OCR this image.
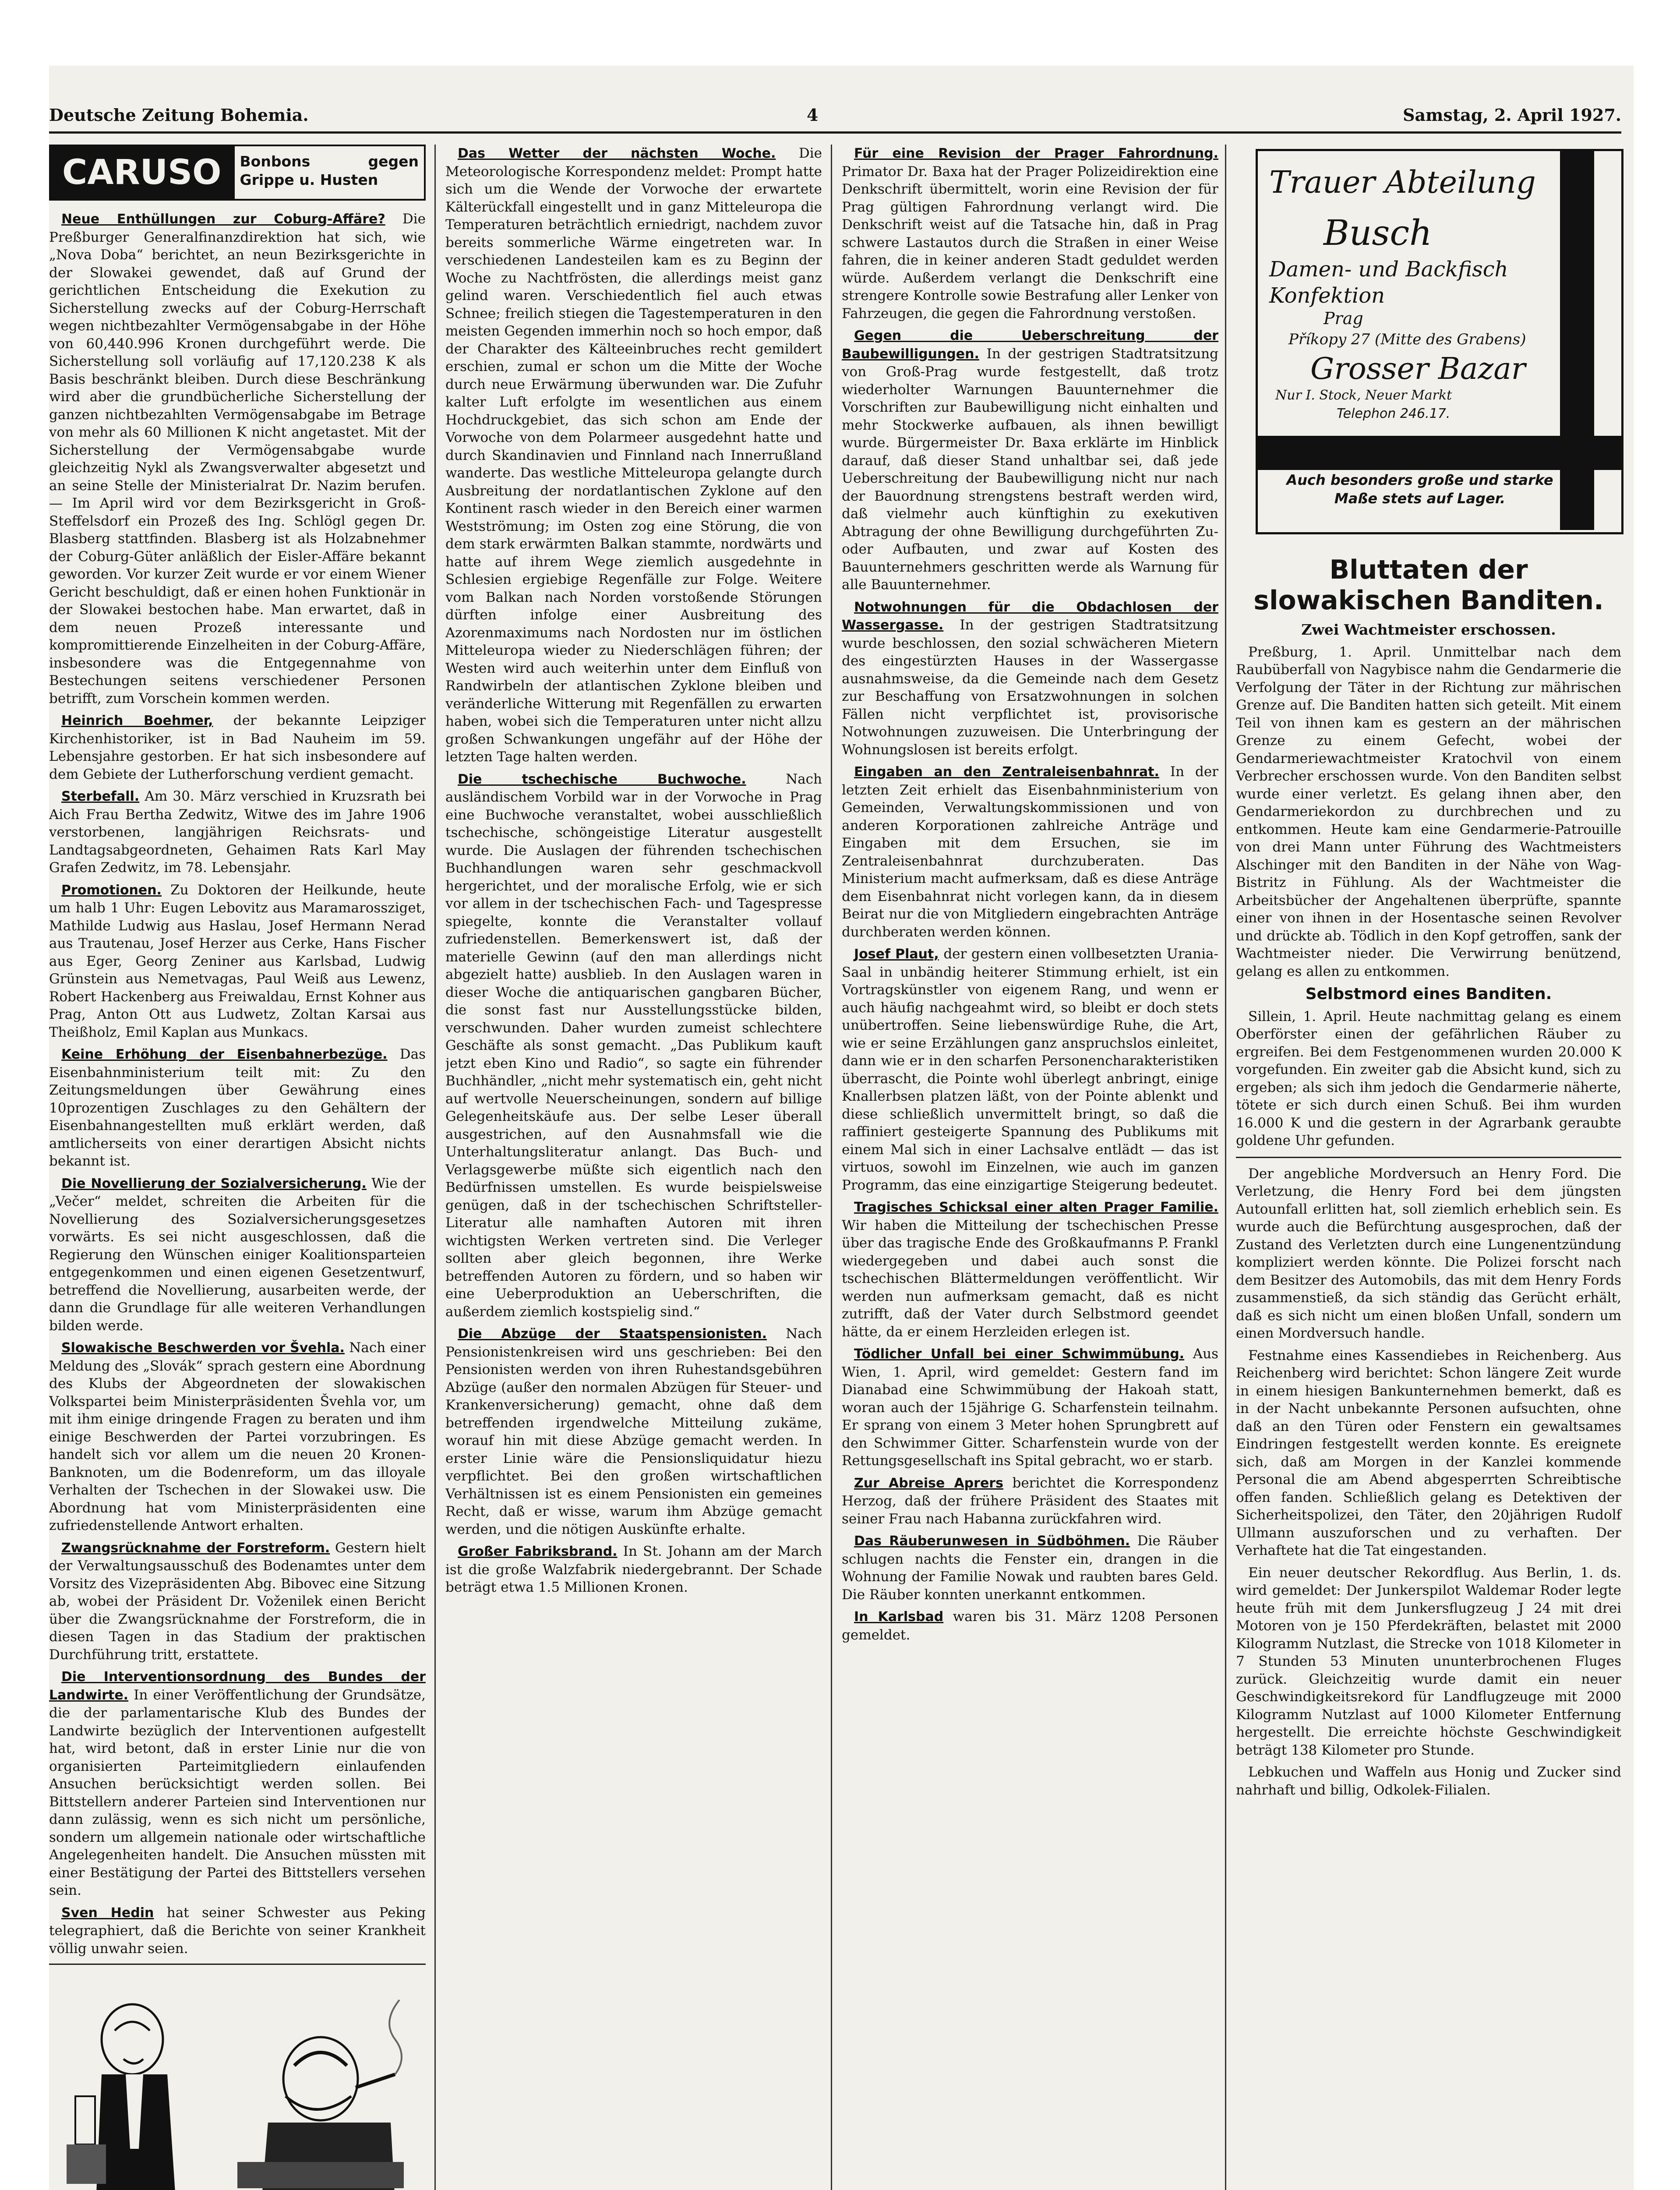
Deutsche Zeitung Bohemia.	4	Samstag, 2. April 1927.
CARUSO	Bonbons gegen Grippe u. Husten

Neue Enthüllungen zur Coburg-Affäre? Die Preßburger Generalfinanzdirektion hat sich, wie „Nova Doba“ berichtet, an neun Bezirksgerichte in der Slowakei gewendet, daß auf Grund der gerichtlichen Entscheidung die Exekution zu Sicherstellung zwecks auf der Coburg-Herrschaft wegen nichtbezahlter Vermögensabgabe in der Höhe von 60,440.996 Kronen durchgeführt werde. Die Sicherstellung soll vorläufig auf 17,120.238 K als Basis beschränkt bleiben. Durch diese Beschränkung wird aber die grundbücherliche Sicherstellung der ganzen nichtbezahlten Vermögensabgabe im Betrage von mehr als 60 Millionen K nicht angetastet. Mit der Sicherstellung der Vermögensabgabe wurde gleichzeitig Nykl als Zwangsverwalter abgesetzt und an seine Stelle der Ministerialrat Dr. Nazim berufen. — Im April wird vor dem Bezirksgericht in Groß-Steffelsdorf ein Prozeß des Ing. Schlögl gegen Dr. Blasberg stattfinden. Blasberg ist als Holzabnehmer der Coburg-Güter anläßlich der Eisler-Affäre bekannt geworden. Vor kurzer Zeit wurde er vor einem Wiener Gericht beschuldigt, daß er einen hohen Funktionär in der Slowakei bestochen habe. Man erwartet, daß in dem neuen Prozeß interessante und kompromittierende Einzelheiten in der Coburg-Affäre, insbesondere was die Entgegennahme von Bestechungen seitens verschiedener Personen betrifft, zum Vorschein kommen werden.

Heinrich Boehmer, der bekannte Leipziger Kirchenhistoriker, ist in Bad Nauheim im 59. Lebensjahre gestorben. Er hat sich insbesondere auf dem Gebiete der Lutherforschung verdient gemacht.

Sterbefall. Am 30. März verschied in Kruzsrath bei Aich Frau Bertha Zedwitz, Witwe des im Jahre 1906 verstorbenen, langjährigen Reichsrats- und Landtagsabgeordneten, Gehaimen Rats Karl May Grafen Zedwitz, im 78. Lebensjahr.

Promotionen. Zu Doktoren der Heilkunde, heute um halb 1 Uhr: Eugen Lebovitz aus Maramarossziget, Mathilde Ludwig aus Haslau, Josef Hermann Nerad aus Trautenau, Josef Herzer aus Cerke, Hans Fischer aus Eger, Georg Zeniner aus Karlsbad, Ludwig Grünstein aus Nemetvagas, Paul Weiß aus Lewenz, Robert Hackenberg aus Freiwaldau, Ernst Kohner aus Prag, Anton Ott aus Ludwetz, Zoltan Karsai aus Theißholz, Emil Kaplan aus Munkacs.

Keine Erhöhung der Eisenbahnerbezüge. Das Eisenbahnministerium teilt mit: Zu den Zeitungsmeldungen über Gewährung eines 10prozentigen Zuschlages zu den Gehältern der Eisenbahnangestellten muß erklärt werden, daß amtlicherseits von einer derartigen Absicht nichts bekannt ist.

Die Novellierung der Sozialversicherung. Wie der „Večer“ meldet, schreiten die Arbeiten für die Novellierung des Sozialversicherungsgesetzes vorwärts. Es sei nicht ausgeschlossen, daß die Regierung den Wünschen einiger Koalitionsparteien entgegenkommen und einen eigenen Gesetzentwurf, betreffend die Novellierung, ausarbeiten werde, der dann die Grundlage für alle weiteren Verhandlungen bilden werde.

Slowakische Beschwerden vor Švehla. Nach einer Meldung des „Slovák“ sprach gestern eine Abordnung des Klubs der Abgeordneten der slowakischen Volkspartei beim Ministerpräsidenten Švehla vor, um mit ihm einige dringende Fragen zu beraten und ihm einige Beschwerden der Partei vorzubringen. Es handelt sich vor allem um die neuen 20 Kronen-Banknoten, um die Bodenreform, um das illoyale Verhalten der Tschechen in der Slowakei usw. Die Abordnung hat vom Ministerpräsidenten eine zufriedenstellende Antwort erhalten.

Zwangsrücknahme der Forstreform. Gestern hielt der Verwaltungsausschuß des Bodenamtes unter dem Vorsitz des Vizepräsidenten Abg. Bibovec eine Sitzung ab, wobei der Präsident Dr. Voženilek einen Bericht über die Zwangsrücknahme der Forstreform, die in diesen Tagen in das Stadium der praktischen Durchführung tritt, erstattete.

Die Interventionsordnung des Bundes der Landwirte. In einer Veröffentlichung der Grundsätze, die der parlamentarische Klub des Bundes der Landwirte bezüglich der Interventionen aufgestellt hat, wird betont, daß in erster Linie nur die von organisierten Parteimitgliedern einlaufenden Ansuchen berücksichtigt werden sollen. Bei Bittstellern anderer Parteien sind Interventionen nur dann zulässig, wenn es sich nicht um persönliche, sondern um allgemein nationale oder wirtschaftliche Angelegenheiten handelt. Die Ansuchen müssten mit einer Bestätigung der Partei des Bittstellers versehen sein.

Sven Hedin hat seiner Schwester aus Peking telegraphiert, daß die Berichte von seiner Krankheit völlig unwahr seien.

Das Wetter der nächsten Woche. Die Meteorologische Korrespondenz meldet: Prompt hatte sich um die Wende der Vorwoche der erwartete Kälterückfall eingestellt und in ganz Mitteleuropa die Temperaturen beträchtlich erniedrigt, nachdem zuvor bereits sommerliche Wärme eingetreten war. In verschiedenen Landesteilen kam es zu Beginn der Woche zu Nachtfrösten, die allerdings meist ganz gelind waren. Verschiedentlich fiel auch etwas Schnee; freilich stiegen die Tagestemperaturen in den meisten Gegenden immerhin noch so hoch empor, daß der Charakter des Kälteeinbruches recht gemildert erschien, zumal er schon um die Mitte der Woche durch neue Erwärmung überwunden war. Die Zufuhr kalter Luft erfolgte im wesentlichen aus einem Hochdruckgebiet, das sich schon am Ende der Vorwoche von dem Polarmeer ausgedehnt hatte und durch Skandinavien und Finnland nach Innerrußland wanderte. Das westliche Mitteleuropa gelangte durch Ausbreitung der nordatlantischen Zyklone auf den Kontinent rasch wieder in den Bereich einer warmen Westströmung; im Osten zog eine Störung, die von dem stark erwärmten Balkan stammte, nordwärts und hatte auf ihrem Wege ziemlich ausgedehnte in Schlesien ergiebige Regenfälle zur Folge. Weitere vom Balkan nach Norden vorstoßende Störungen dürften infolge einer Ausbreitung des Azorenmaximums nach Nordosten nur im östlichen Mitteleuropa wieder zu Niederschlägen führen; der Westen wird auch weiterhin unter dem Einfluß von Randwirbeln der atlantischen Zyklone bleiben und veränderliche Witterung mit Regenfällen zu erwarten haben, wobei sich die Temperaturen unter nicht allzu großen Schwankungen ungefähr auf der Höhe der letzten Tage halten werden.

Die tschechische Buchwoche.	Nach ausländischem Vorbild war in der Vorwoche in Prag eine Buchwoche veranstaltet, wobei ausschließlich tschechische, schöngeistige Literatur ausgestellt wurde. Die Auslagen der führenden tschechischen Buchhandlungen waren sehr geschmackvoll hergerichtet, und der moralische Erfolg, wie er sich vor allem in der tschechischen Fach- und Tagespresse spiegelte, konnte die Veranstalter vollauf zufriedenstellen. Bemerkenswert ist, daß der materielle Gewinn (auf den man allerdings nicht abgezielt hatte) ausblieb. In den Auslagen waren in dieser Woche die antiquarischen gangbaren Bücher, die sonst fast nur Ausstellungsstücke bilden, verschwunden. Daher wurden zumeist schlechtere Geschäfte als sonst gemacht. „Das Publikum kauft jetzt eben Kino und Radio“, so sagte ein führender Buchhändler, „nicht mehr systematisch ein, geht nicht auf wertvolle Neuerscheinungen, sondern auf billige Gelegenheitskäufe aus. Der selbe Leser überall ausgestrichen, auf den Ausnahmsfall wie die Unterhaltungsliteratur anlangt. Das Buch- und Verlagsgewerbe müßte sich eigentlich nach den Bedürfnissen umstellen. Es wurde beispielsweise genügen, daß in der tschechischen Schriftsteller-Literatur alle namhaften Autoren mit ihren wichtigsten Werken vertreten sind. Die Verleger sollten aber gleich begonnen, ihre Werke betreffenden Autoren zu fördern, und so haben wir eine Ueberproduktion an Ueberschriften, die außerdem ziemlich kostspielig sind.“

Die Abzüge der Staatspensionisten. Nach Pensionistenkreisen wird uns geschrieben: Bei den Pensionisten werden von ihren Ruhestandsgebühren Abzüge (außer den normalen Abzügen für Steuer- und Krankenversicherung) gemacht, ohne daß dem betreffenden irgendwelche Mitteilung zukäme, worauf hin mit diese Abzüge gemacht werden. In erster Linie wäre die Pensionsliquidatur hiezu verpflichtet. Bei den großen wirtschaftlichen Verhältnissen ist es einem Pensionisten ein gemeines Recht, daß er wisse, warum ihm Abzüge gemacht werden, und die nötigen Auskünfte erhalte.

Großer Fabriksbrand. In St. Johann am der March ist die große Walzfabrik niedergebrannt. Der Schade beträgt etwa 1.5 Millionen Kronen.

Für eine Revision der Prager Fahrordnung. Primator Dr. Baxa hat der Prager Polizeidirektion eine Denkschrift übermittelt, worin eine Revision der für Prag gültigen Fahrordnung verlangt wird. Die Denkschrift weist auf die Tatsache hin, daß in Prag schwere Lastautos durch die Straßen in einer Weise fahren, die in keiner anderen Stadt geduldet werden würde. Außerdem verlangt die Denkschrift eine strengere Kontrolle sowie Bestrafung aller Lenker von Fahrzeugen, die gegen die Fahrordnung verstoßen.

Gegen die Ueberschreitung der Baubewilligungen. In der gestrigen Stadtratsitzung von Groß-Prag wurde festgestellt, daß trotz wiederholter Warnungen Bauunternehmer die Vorschriften zur Baubewilligung nicht einhalten und mehr Stockwerke aufbauen, als ihnen bewilligt wurde. Bürgermeister Dr. Baxa erklärte im Hinblick darauf, daß dieser Stand unhaltbar sei, daß jede Ueberschreitung der Baubewilligung nicht nur nach der Bauordnung strengstens bestraft werden wird, daß vielmehr auch künftighin zu exekutiven Abtragung der ohne Bewilligung durchgeführten Zu- oder Aufbauten, und zwar auf Kosten des Bauunternehmers geschritten werde als Warnung für alle Bauunternehmer.

Notwohnungen für die Obdachlosen der Wassergasse. In der gestrigen Stadtratsitzung wurde beschlossen, den sozial schwächeren Mietern des eingestürzten Hauses in der Wassergasse ausnahmsweise, da die Gemeinde nach dem Gesetz zur Beschaffung von Ersatzwohnungen in solchen Fällen nicht verpflichtet ist, provisorische Notwohnungen zuzuweisen. Die Unterbringung der Wohnungslosen ist bereits erfolgt.

Eingaben an den Zentraleisenbahnrat. In der letzten Zeit erhielt das Eisenbahnministerium von Gemeinden, Verwaltungskommissionen und von anderen Korporationen zahlreiche Anträge und Eingaben mit dem Ersuchen, sie im Zentraleisenbahnrat durchzuberaten. Das Ministerium macht aufmerksam, daß es diese Anträge dem Eisenbahnrat nicht vorlegen kann, da in diesem Beirat nur die von Mitgliedern eingebrachten Anträge durchberaten werden können.

Josef Plaut, der gestern einen vollbesetzten Urania-Saal in unbändig heiterer Stimmung erhielt, ist ein Vortragskünstler von eigenem Rang, und wenn er auch häufig nachgeahmt wird, so bleibt er doch stets unübertroffen. Seine liebenswürdige Ruhe, die Art, wie er seine Erzählungen ganz anspruchslos einleitet, dann wie er in den scharfen Personencharakteristiken überrascht, die Pointe wohl überlegt anbringt, einige Knallerbsen platzen läßt, von der Pointe ablenkt und diese schließlich unvermittelt bringt, so daß die raffiniert gesteigerte Spannung des Publikums mit einem Mal sich in einer Lachsalve entlädt — das ist virtuos, sowohl im Einzelnen, wie auch im ganzen Programm, das eine einzigartige Steigerung bedeutet.

Tragisches Schicksal einer alten Prager Familie. Wir haben die Mitteilung der tschechischen Presse über das tragische Ende des Großkaufmanns P. Frankl wiedergegeben und dabei auch sonst die tschechischen Blättermeldungen veröffentlicht. Wir werden nun aufmerksam gemacht, daß es nicht zutrifft, daß der Vater durch Selbstmord geendet hätte, da er einem Herzleiden erlegen ist.

Tödlicher Unfall bei einer Schwimmübung. Aus Wien, 1. April, wird gemeldet: Gestern fand im Dianabad eine Schwimmübung der Hakoah statt, woran auch der 15jährige G. Scharfenstein teilnahm. Er sprang von einem 3 Meter hohen Sprungbrett auf den Schwimmer Gitter. Scharfenstein wurde von der Rettungsgesellschaft ins Spital gebracht, wo er starb.

Zur Abreise Aprers berichtet die Korrespondenz Herzog, daß der frühere Präsident des Staates mit seiner Frau nach Habanna zurückfahren wird.

Das Räuberunwesen in Südböhmen. Die Räuber schlugen nachts die Fenster ein, drangen in die Wohnung der Familie Nowak und raubten bares Geld. Die Räuber konnten unerkannt entkommen.

In Karlsbad waren bis 31. März 1208 Personen gemeldet.

Trauer Abteilung
Busch
Damen- und Backfisch Konfektion
Prag
Příkopy 27 (Mitte des Grabens)
Grosser Bazar
Nur I. Stock, Neuer Markt
Telephon 246.17.
Auch besonders große und starke Maße stets auf Lager.
Bluttaten der slowakischen Banditen.
Zwei Wachtmeister erschossen.

Preßburg, 1. April. Unmittelbar nach dem Raubüberfall von Nagybisce nahm die Gendarmerie die Verfolgung der Täter in der Richtung zur mährischen Grenze auf. Die Banditen hatten sich geteilt. Mit einem Teil von ihnen kam es gestern an der mährischen Grenze zu einem Gefecht, wobei der Gendarmeriewachtmeister Kratochvil von einem Verbrecher erschossen wurde. Von den Banditen selbst wurde einer verletzt. Es gelang ihnen aber, den Gendarmeriekordon zu durchbrechen und zu entkommen. Heute kam eine Gendarmerie-Patrouille von drei Mann unter Führung des Wachtmeisters Alschinger mit den Banditen in der Nähe von Wag-Bistritz in Fühlung. Als der Wachtmeister die Arbeitsbücher der Angehaltenen überprüfte, spannte einer von ihnen in der Hosentasche seinen Revolver und drückte ab. Tödlich in den Kopf getroffen, sank der Wachtmeister nieder. Die Verwirrung benützend, gelang es allen zu entkommen.

Selbstmord eines Banditen.

Sillein, 1. April. Heute nachmittag gelang es einem Oberförster einen der gefährlichen Räuber zu ergreifen. Bei dem Festgenommenen wurden 20.000 K vorgefunden. Ein zweiter gab die Absicht kund, sich zu ergeben; als sich ihm jedoch die Gendarmerie näherte, tötete er sich durch einen Schuß. Bei ihm wurden 16.000 K und die gestern in der Agrarbank geraubte goldene Uhr gefunden.

Der angebliche Mordversuch an Henry Ford. Die Verletzung, die Henry Ford bei dem jüngsten Autounfall erlitten hat, soll ziemlich erheblich sein. Es wurde auch die Befürchtung ausgesprochen, daß der Zustand des Verletzten durch eine Lungenentzündung kompliziert werden könnte. Die Polizei forscht nach dem Besitzer des Automobils, das mit dem Henry Fords zusammenstieß, da sich ständig das Gerücht erhält, daß es sich nicht um einen bloßen Unfall, sondern um einen Mordversuch handle.

Festnahme eines Kassendiebes in Reichenberg. Aus Reichenberg wird berichtet: Schon längere Zeit wurde in einem hiesigen Bankunternehmen bemerkt, daß es in der Nacht unbekannte Personen aufsuchten, ohne daß an den Türen oder Fenstern ein gewaltsames Eindringen festgestellt werden konnte. Es ereignete sich, daß am Morgen in der Kanzlei kommende Personal die am Abend abgesperrten Schreibtische offen fanden. Schließlich gelang es Detektiven der Sicherheitspolizei, den Täter, den 20jährigen Rudolf Ullmann auszuforschen und zu verhaften. Der Verhaftete hat die Tat eingestanden.

Ein neuer deutscher Rekordflug. Aus Berlin, 1. ds. wird gemeldet: Der Junkerspilot Waldemar Roder legte heute früh mit dem Junkersflugzeug J 24 mit drei Motoren von je 150 Pferdekräften, belastet mit 2000 Kilogramm Nutzlast, die Strecke von 1018 Kilometer in 7 Stunden 53 Minuten ununterbrochenen Fluges zurück. Gleichzeitig wurde damit ein neuer Geschwindigkeitsrekord für Landflugzeuge mit 2000 Kilogramm Nutzlast auf 1000 Kilometer Entfernung hergestellt. Die erreichte höchste Geschwindigkeit beträgt 138 Kilometer pro Stunde.

Lebkuchen und Waffeln aus Honig und Zucker sind nahrhaft und billig, Odkolek-Filialen.
